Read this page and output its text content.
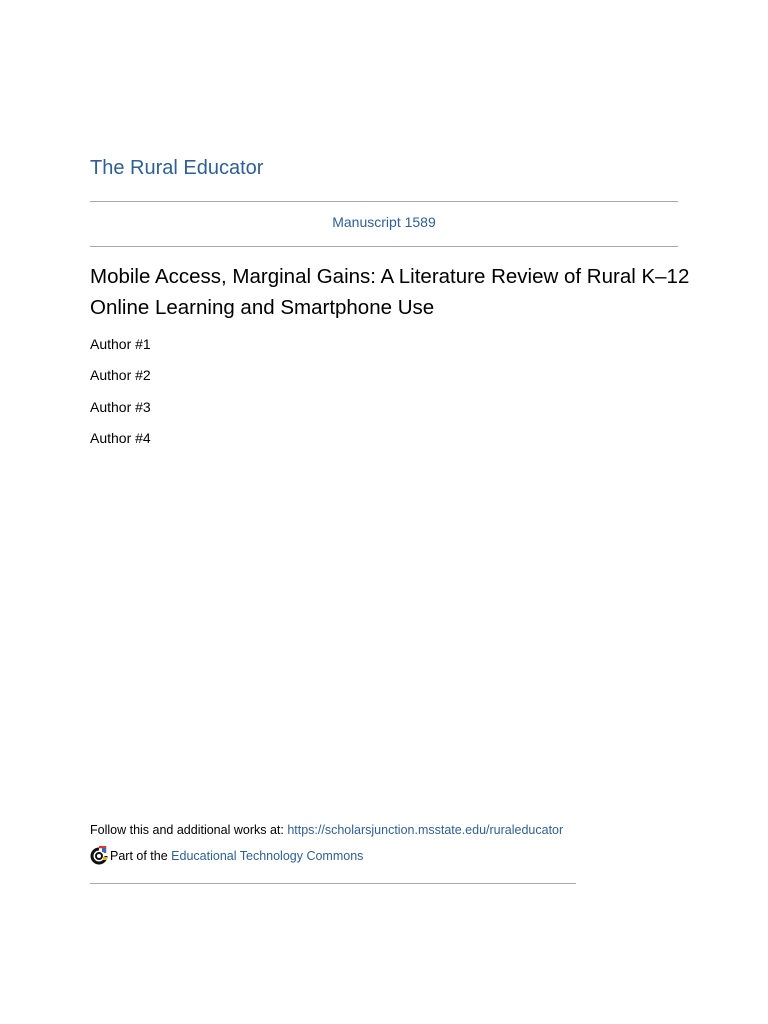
The Rural Educator
Manuscript 1589
Mobile Access, Marginal Gains: A Literature Review of Rural K–12 Online Learning and Smartphone Use
Author #1
Author #2
Author #3
Author #4
Follow this and additional works at: https://scholarsjunction.msstate.edu/ruraleducator
Part of the
Educational Technology Commons
